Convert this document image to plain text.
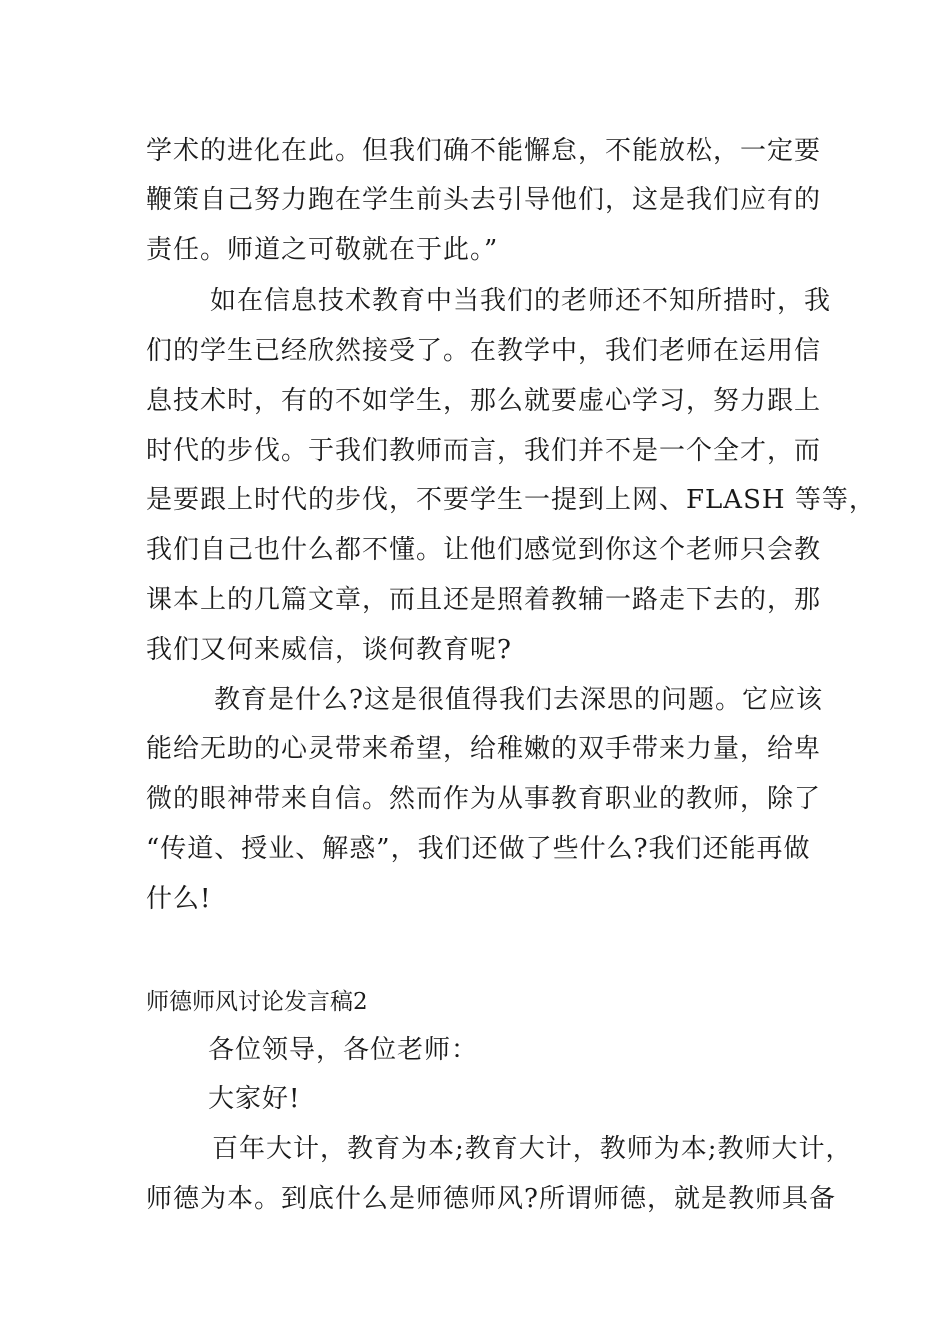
学术的进化在此。但我们确不能懈怠，不能放松，一定要
鞭策自己努力跑在学生前头去引导他们，这是我们应有的
责任。师道之可敬就在于此。”
如在信息技术教育中当我们的老师还不知所措时，我
们的学生已经欣然接受了。在教学中，我们老师在运用信
息技术时，有的不如学生，那么就要虚心学习，努力跟上
时代的步伐。于我们教师而言，我们并不是一个全才，而
是要跟上时代的步伐，不要学生一提到上网、FLASH 等等，
我们自己也什么都不懂。让他们感觉到你这个老师只会教
课本上的几篇文章，而且还是照着教辅一路走下去的，那
我们又何来威信，谈何教育呢?
教育是什么?这是很值得我们去深思的问题。它应该
能给无助的心灵带来希望，给稚嫩的双手带来力量，给卑
微的眼神带来自信。然而作为从事教育职业的教师，除了
“传道、授业、解惑”，我们还做了些什么?我们还能再做
什么!
师德师风讨论发言稿2
各位领导，各位老师：
大家好!
百年大计，教育为本;教育大计，教师为本;教师大计，
师德为本。到底什么是师德师风?所谓师德，就是教师具备
